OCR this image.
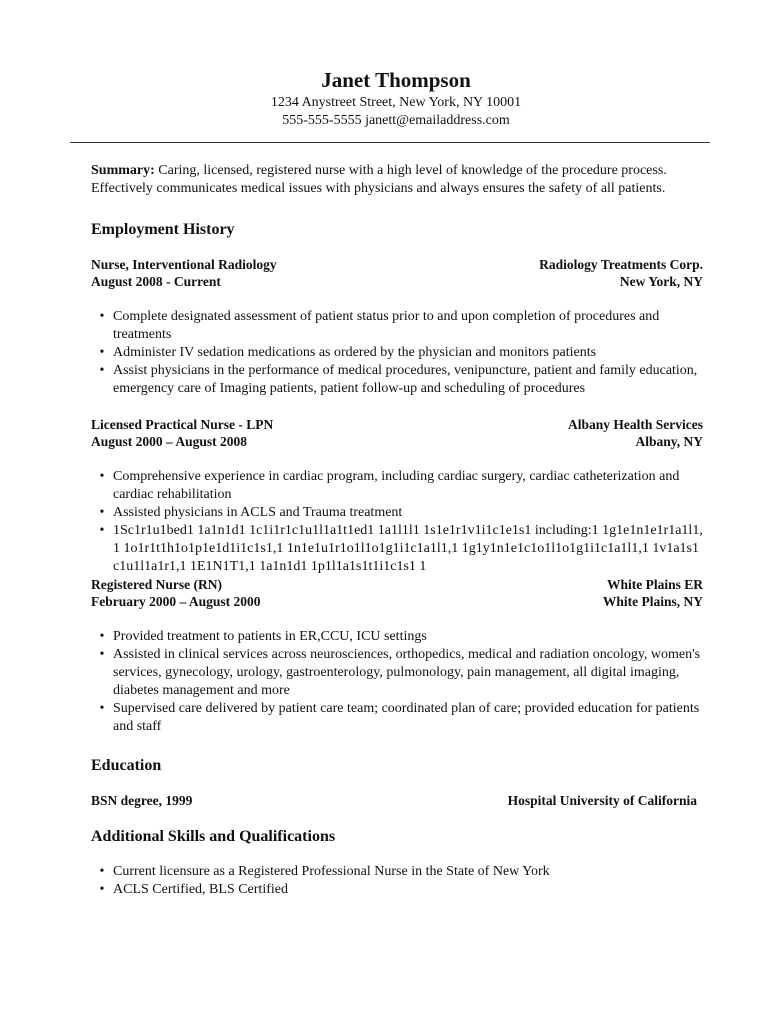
Janet Thompson
1234 Anystreet Street, New York, NY 10001
555-555-5555 janett@emailaddress.com

Summary: Caring, licensed, registered nurse with a high level of knowledge of the procedure process. Effectively communicates medical issues with physicians and always ensures the safety of all patients.

Employment History
Nurse, Interventional Radiology	Radiology Treatments Corp.
August 2008 - Current	New York, NY
•Complete designated assessment of patient status prior to and upon completion of procedures and treatments
•Administer IV sedation medications as ordered by the physician and monitors patients
•Assist physicians in the performance of medical procedures, venipuncture, patient and family education, emergency care of Imaging patients, patient follow-up and scheduling of procedures
Licensed Practical Nurse - LPN	Albany Health Services
August 2000 – August 2008	Albany, NY
•Comprehensive experience in cardiac program, including cardiac surgery, cardiac catheterization and cardiac rehabilitation
•Assisted physicians in ACLS and Trauma treatment
•1Sc1r1u1bed1 1a1n1d1 1c1i1r1c1u1l1a1t1ed1 1a1l1l1 1s1e1r1v1i1c1e1s1 including:1 1g1e1n1e1r1a1l1,1 1o1r1t1h1o1p1e1d1i1c1s1,1 1n1e1u1r1o1l1o1g1i1c1a1l1,1 1g1y1n1e1c1o1l1o1g1i1c1a1l1,1 1v1a1s1c1u1l1a1r1,1 1E1N1T1,1 1a1n1d1 1p1l1a1s1t1i1c1s1 1
Registered Nurse (RN)	White Plains ER
February 2000 – August 2000	White Plains, NY
•Provided treatment to patients in ER,CCU, ICU settings
•Assisted in clinical services across neurosciences, orthopedics, medical and radiation oncology, women's services, gynecology, urology, gastroenterology, pulmonology, pain management, all digital imaging, diabetes management and more
•Supervised care delivered by patient care team; coordinated plan of care; provided education for patients and staff
Education
BSN degree, 1999	Hospital University of California
Additional Skills and Qualifications
•Current licensure as a Registered Professional Nurse in the State of New York
•ACLS Certified, BLS Certified
